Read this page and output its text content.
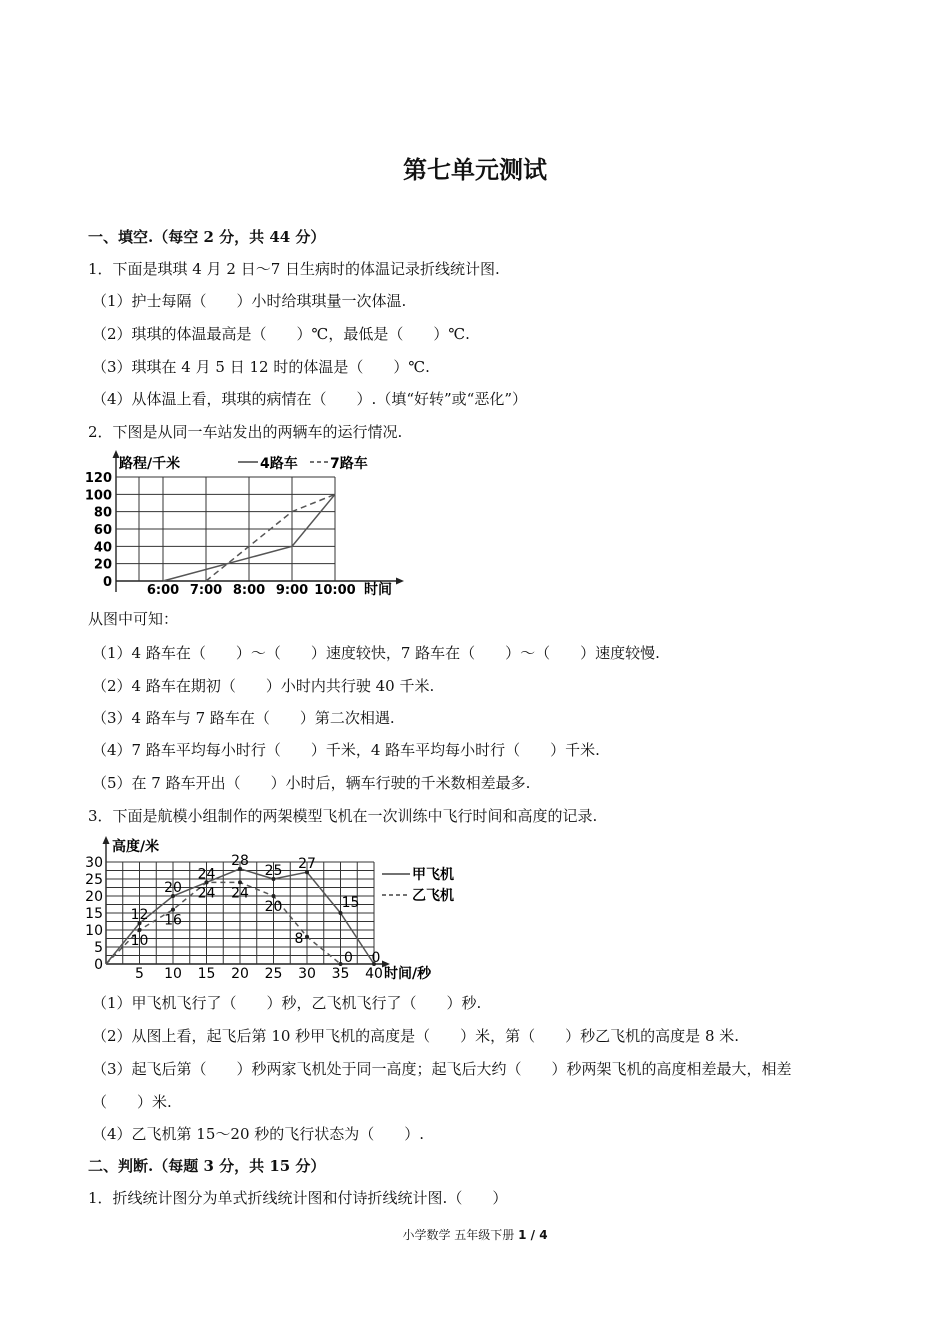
第七单元测试
一、填空.（每空 2 分，共 44 分）
1．下面是琪琪 4 月 2 日～7 日生病时的体温记录折线统计图.
（1）护士每隔（　　）小时给琪琪量一次体温.
（2）琪琪的体温最高是（　　）℃，最低是（　　）℃.
（3）琪琪在 4 月 5 日 12 时的体温是（　　）℃.
（4）从体温上看，琪琪的病情在（　　）.（填“好转”或“恶化”）
2．下图是从同一车站发出的两辆车的运行情况.
0
20
40
60
80
100
120
6:00 7:00 8:00 9:00 10:00
路程/千米
时间
4路车 7路车
从图中可知：
（1）4 路车在（　　）～（　　）速度较快，7 路车在（　　）～（　　）速度较慢.
（2）4 路车在期初（　　）小时内共行驶 40 千米.
（3）4 路车与 7 路车在（　　）第二次相遇.
（4）7 路车平均每小时行（　　）千米，4 路车平均每小时行（　　）千米.
（5）在 7 路车开出（　　）小时后，辆车行驶的千米数相差最多.
3．下面是航模小组制作的两架模型飞机在一次训练中飞行时间和高度的记录.
0
5
10
15
20
25
30
5 10 15 20 25 30 35 40
12
20
24
28
25 27
15
0
10
16
24 24
20
8
0
高度/米
时间/秒
甲飞机
乙飞机
（1）甲飞机飞行了（　　）秒，乙飞机飞行了（　　）秒.
（2）从图上看，起飞后第 10 秒甲飞机的高度是（　　）米，第（　　）秒乙飞机的高度是 8 米.
（3）起飞后第（　　）秒两家飞机处于同一高度；起飞后大约（　　）秒两架飞机的高度相差最大，相差
（　　）米.
（4）乙飞机第 15～20 秒的飞行状态为（　　）.
二、判断.（每题 3 分，共 15 分）
1．折线统计图分为单式折线统计图和付诗折线统计图.（　　）
小学数学 五年级下册 1 / 4
